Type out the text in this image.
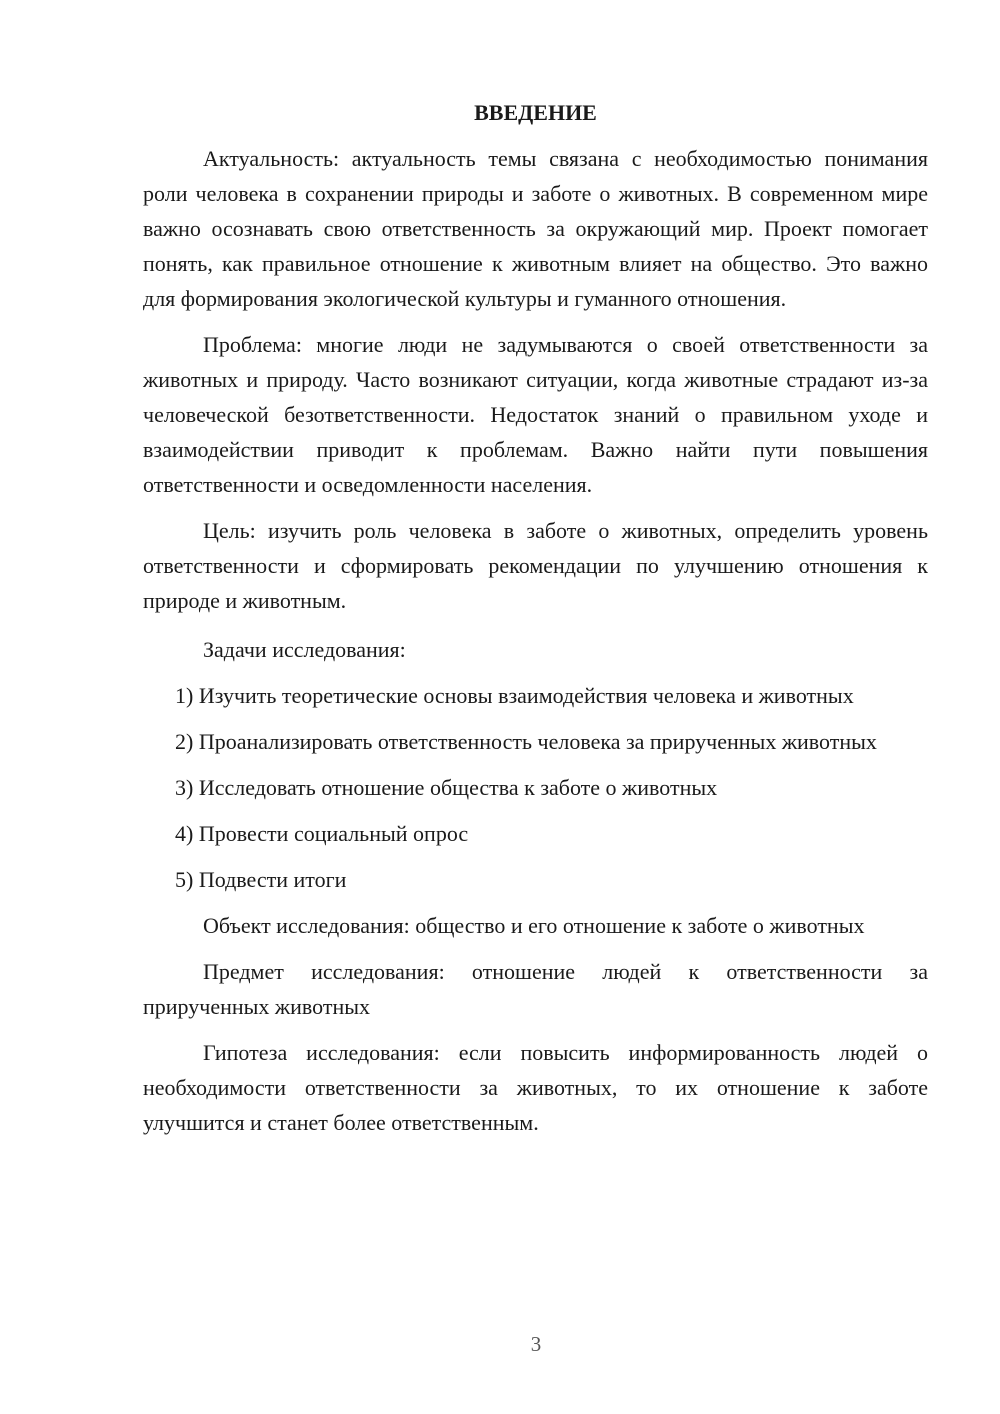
ВВЕДЕНИЕ

Актуальность: актуальность темы связана с необходимостью понимания роли человека в сохранении природы и заботе о животных. В современном мире важно осознавать свою ответственность за окружающий мир. Проект помогает понять, как правильное отношение к животным влияет на общество. Это важно для формирования экологической культуры и гуманного отношения.

Проблема: многие люди не задумываются о своей ответственности за животных и природу. Часто возникают ситуации, когда животные страдают из-за человеческой безответственности. Недостаток знаний о правильном уходе и взаимодействии приводит к проблемам. Важно найти пути повышения ответственности и осведомленности населения.

Цель: изучить роль человека в заботе о животных, определить уровень ответственности и сформировать рекомендации по улучшению отношения к природе и животным.

Задачи исследования:

1) Изучить теоретические основы взаимодействия человека и животных

2) Проанализировать ответственность человека за прирученных животных

3) Исследовать отношение общества к заботе о животных

4) Провести социальный опрос

5) Подвести итоги

Объект исследования: общество и его отношение к заботе о животных

Предмет исследования: отношение людей к ответственности за прирученных животных

Гипотеза исследования: если повысить информированность людей о необходимости ответственности за животных, то их отношение к заботе улучшится и станет более ответственным.

3
